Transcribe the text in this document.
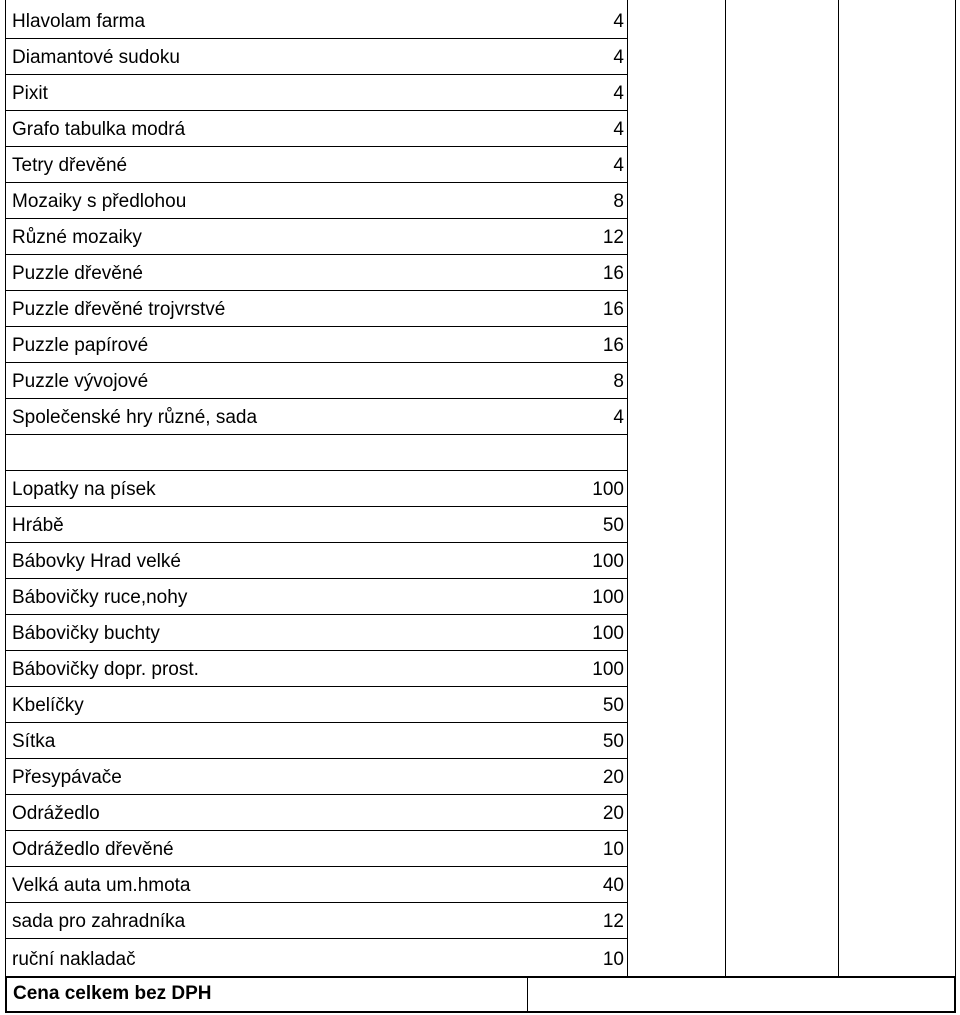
Hlavolam farma	4
Diamantové sudoku	4
Pixit	4
Grafo tabulka modrá	4
Tetry dřevěné	4
Mozaiky s předlohou	8
Různé mozaiky	12
Puzzle dřevěné	16
Puzzle dřevěné trojvrstvé	16
Puzzle papírové	16
Puzzle vývojové	8
Společenské hry různé, sada	4
Lopatky na písek	100
Hrábě	50
Bábovky Hrad velké	100
Bábovičky ruce,nohy	100
Bábovičky buchty	100
Bábovičky dopr. prost.	100
Kbelíčky	50
Sítka	50
Přesypávače	20
Odrážedlo	20
Odrážedlo dřevěné	10
Velká auta um.hmota	40
sada pro zahradníka	12
ruční nakladač	10
Cena celkem bez DPH
